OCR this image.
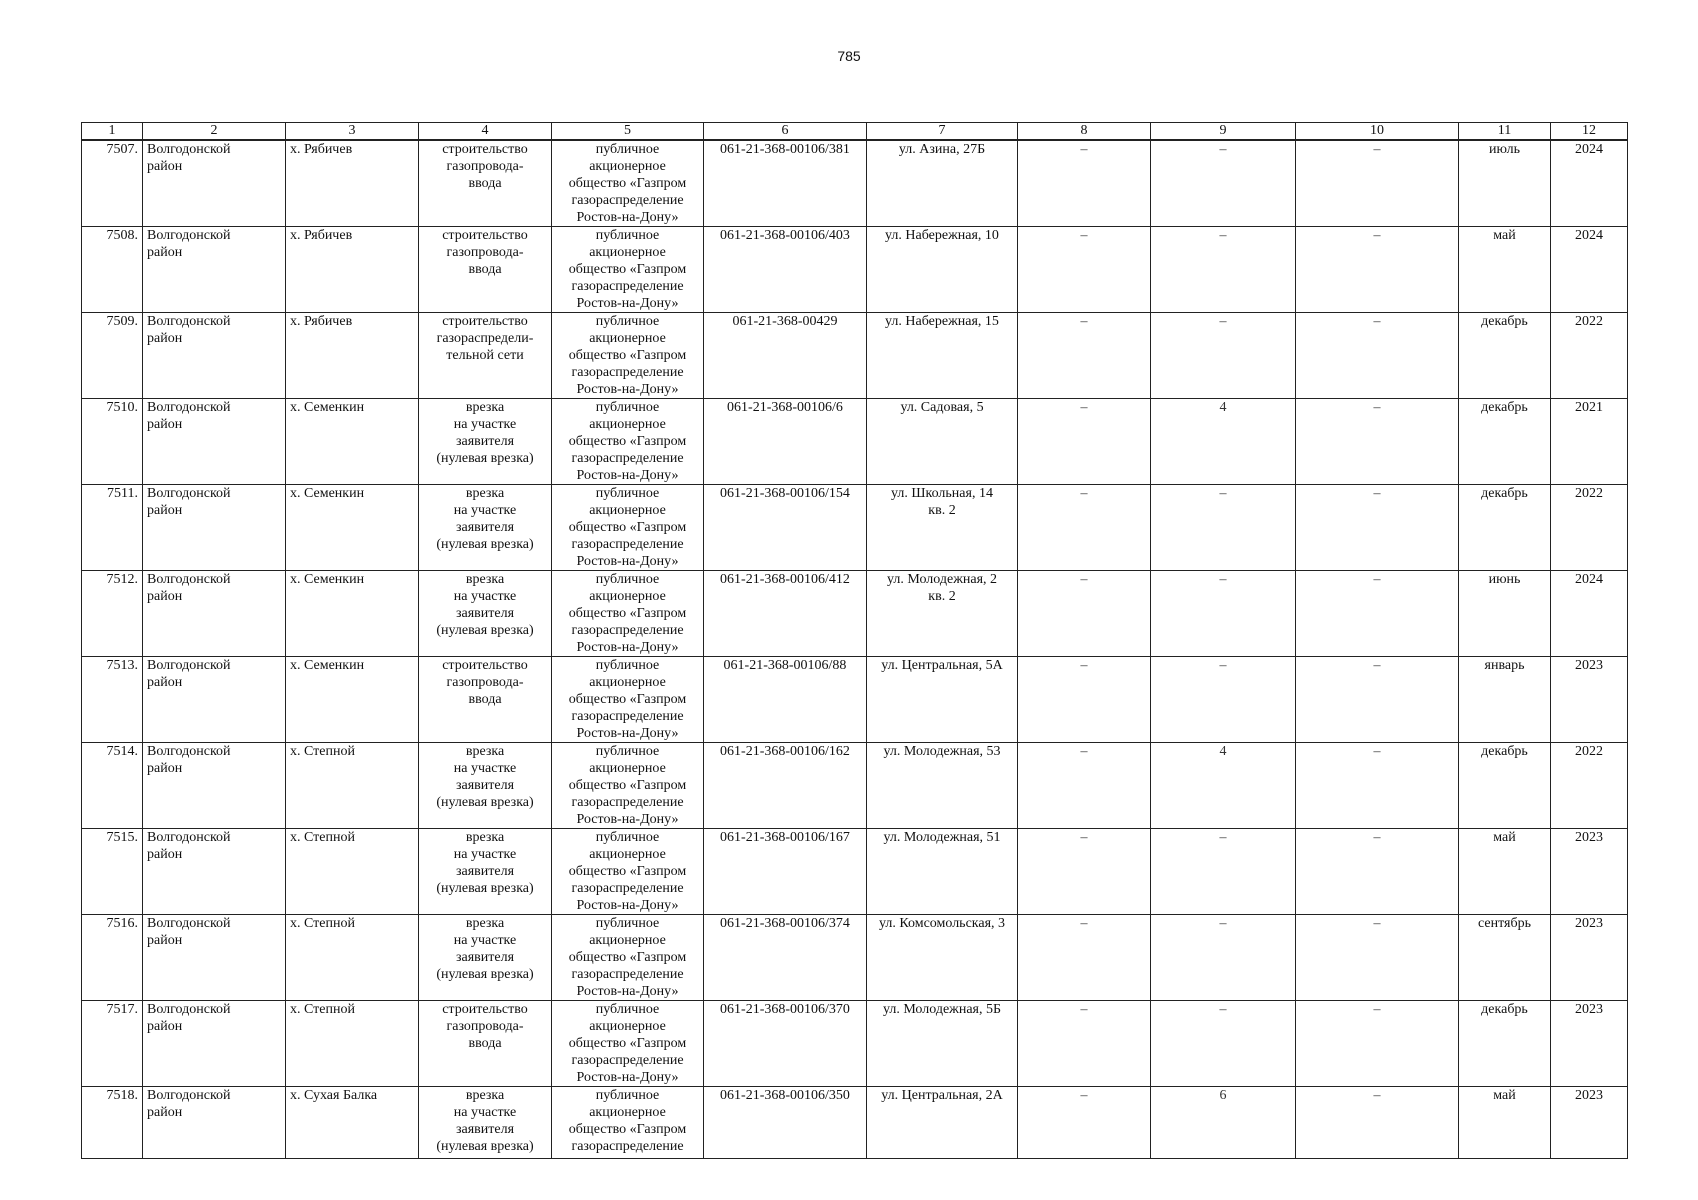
785
1	2	3	4	5	6	7	8	9	10	11	12
7507.	Волгодонской
район	х. Рябичев	строительство
газопровода-
ввода	публичное
акционерное
общество «Газпром
газораспределение
Ростов-на-Дону»	061-21-368-00106/381	ул. Азина, 27Б	–	–	–	июль	2024
7508.	Волгодонской
район	х. Рябичев	строительство
газопровода-
ввода	публичное
акционерное
общество «Газпром
газораспределение
Ростов-на-Дону»	061-21-368-00106/403	ул. Набережная, 10	–	–	–	май	2024
7509.	Волгодонской
район	х. Рябичев	строительство
газораспредели-
тельной сети	публичное
акционерное
общество «Газпром
газораспределение
Ростов-на-Дону»	061-21-368-00429	ул. Набережная, 15	–	–	–	декабрь	2022
7510.	Волгодонской
район	х. Семенкин	врезка
на участке
заявителя
(нулевая врезка)	публичное
акционерное
общество «Газпром
газораспределение
Ростов-на-Дону»	061-21-368-00106/6	ул. Садовая, 5	–	4	–	декабрь	2021
7511.	Волгодонской
район	х. Семенкин	врезка
на участке
заявителя
(нулевая врезка)	публичное
акционерное
общество «Газпром
газораспределение
Ростов-на-Дону»	061-21-368-00106/154	ул. Школьная, 14
кв. 2	–	–	–	декабрь	2022
7512.	Волгодонской
район	х. Семенкин	врезка
на участке
заявителя
(нулевая врезка)	публичное
акционерное
общество «Газпром
газораспределение
Ростов-на-Дону»	061-21-368-00106/412	ул. Молодежная, 2
кв. 2	–	–	–	июнь	2024
7513.	Волгодонской
район	х. Семенкин	строительство
газопровода-
ввода	публичное
акционерное
общество «Газпром
газораспределение
Ростов-на-Дону»	061-21-368-00106/88	ул. Центральная, 5А	–	–	–	январь	2023
7514.	Волгодонской
район	х. Степной	врезка
на участке
заявителя
(нулевая врезка)	публичное
акционерное
общество «Газпром
газораспределение
Ростов-на-Дону»	061-21-368-00106/162	ул. Молодежная, 53	–	4	–	декабрь	2022
7515.	Волгодонской
район	х. Степной	врезка
на участке
заявителя
(нулевая врезка)	публичное
акционерное
общество «Газпром
газораспределение
Ростов-на-Дону»	061-21-368-00106/167	ул. Молодежная, 51	–	–	–	май	2023
7516.	Волгодонской
район	х. Степной	врезка
на участке
заявителя
(нулевая врезка)	публичное
акционерное
общество «Газпром
газораспределение
Ростов-на-Дону»	061-21-368-00106/374	ул. Комсомольская, 3	–	–	–	сентябрь	2023
7517.	Волгодонской
район	х. Степной	строительство
газопровода-
ввода	публичное
акционерное
общество «Газпром
газораспределение
Ростов-на-Дону»	061-21-368-00106/370	ул. Молодежная, 5Б	–	–	–	декабрь	2023
7518.	Волгодонской
район	х. Сухая Балка	врезка
на участке
заявителя
(нулевая врезка)	публичное
акционерное
общество «Газпром
газораспределение	061-21-368-00106/350	ул. Центральная, 2А	–	6	–	май	2023
